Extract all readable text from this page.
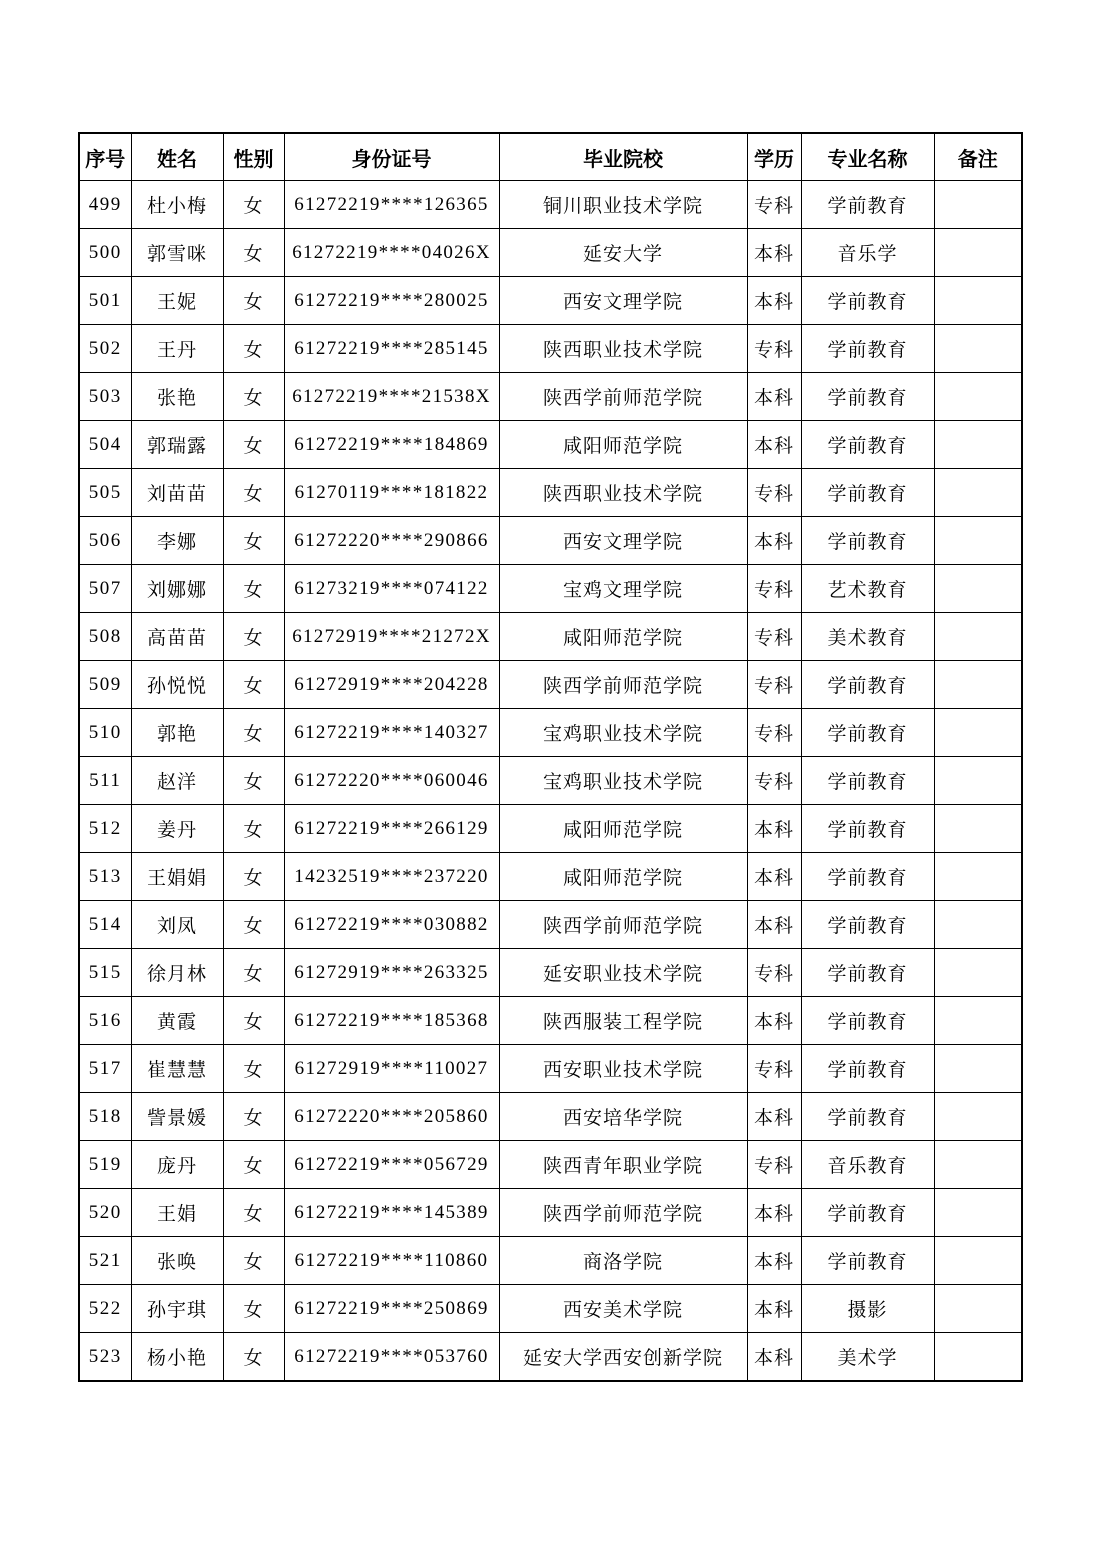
序号	姓名	性别	身份证号	毕业院校	学历	专业名称	备注
499	杜小梅	女	61272219****126365	铜川职业技术学院	专科	学前教育	
500	郭雪咪	女	61272219****04026X	延安大学	本科	音乐学	
501	王妮	女	61272219****280025	西安文理学院	本科	学前教育	
502	王丹	女	61272219****285145	陕西职业技术学院	专科	学前教育	
503	张艳	女	61272219****21538X	陕西学前师范学院	本科	学前教育	
504	郭瑞露	女	61272219****184869	咸阳师范学院	本科	学前教育	
505	刘苗苗	女	61270119****181822	陕西职业技术学院	专科	学前教育	
506	李娜	女	61272220****290866	西安文理学院	本科	学前教育	
507	刘娜娜	女	61273219****074122	宝鸡文理学院	专科	艺术教育	
508	高苗苗	女	61272919****21272X	咸阳师范学院	专科	美术教育	
509	孙悦悦	女	61272919****204228	陕西学前师范学院	专科	学前教育	
510	郭艳	女	61272219****140327	宝鸡职业技术学院	专科	学前教育	
511	赵洋	女	61272220****060046	宝鸡职业技术学院	专科	学前教育	
512	姜丹	女	61272219****266129	咸阳师范学院	本科	学前教育	
513	王娟娟	女	14232519****237220	咸阳师范学院	本科	学前教育	
514	刘凤	女	61272219****030882	陕西学前师范学院	本科	学前教育	
515	徐月林	女	61272919****263325	延安职业技术学院	专科	学前教育	
516	黄霞	女	61272219****185368	陕西服装工程学院	本科	学前教育	
517	崔慧慧	女	61272919****110027	西安职业技术学院	专科	学前教育	
518	訾景媛	女	61272220****205860	西安培华学院	本科	学前教育	
519	庞丹	女	61272219****056729	陕西青年职业学院	专科	音乐教育	
520	王娟	女	61272219****145389	陕西学前师范学院	本科	学前教育	
521	张唤	女	61272219****110860	商洛学院	本科	学前教育	
522	孙宇琪	女	61272219****250869	西安美术学院	本科	摄影	
523	杨小艳	女	61272219****053760	延安大学西安创新学院	本科	美术学	
